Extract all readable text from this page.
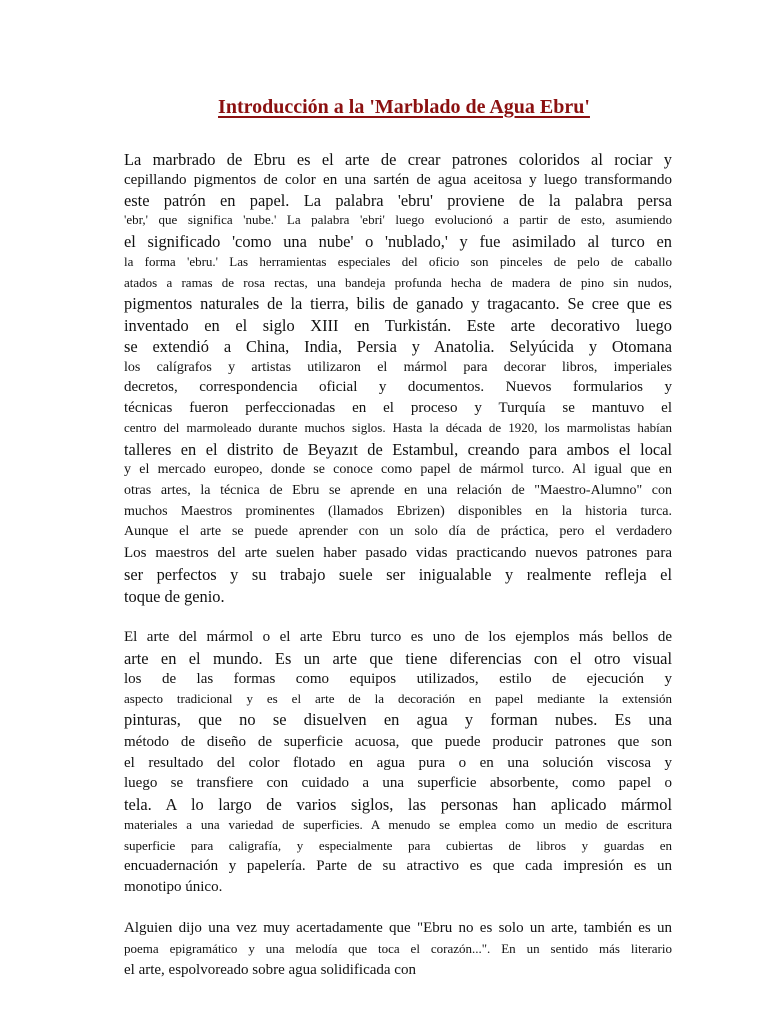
Introducción a la 'Marblado de Agua Ebru'
La marbrado de Ebru es el arte de crear patrones coloridos al rociar y
cepillando pigmentos de color en una sartén de agua aceitosa y luego transformando
este patrón en papel. La palabra 'ebru' proviene de la palabra persa
'ebr,' que significa 'nube.' La palabra 'ebri' luego evolucionó a partir de esto, asumiendo
el significado 'como una nube' o 'nublado,' y fue asimilado al turco en
la forma 'ebru.' Las herramientas especiales del oficio son pinceles de pelo de caballo
atados a ramas de rosa rectas, una bandeja profunda hecha de madera de pino sin nudos,
pigmentos naturales de la tierra, bilis de ganado y tragacanto. Se cree que es
inventado en el siglo XIII en Turkistán. Este arte decorativo luego
se extendió a China, India, Persia y Anatolia. Selyúcida y Otomana
los calígrafos y artistas utilizaron el mármol para decorar libros, imperiales
decretos, correspondencia oficial y documentos. Nuevos formularios y
técnicas fueron perfeccionadas en el proceso y Turquía se mantuvo el
centro del marmoleado durante muchos siglos. Hasta la década de 1920, los marmolistas habían
talleres en el distrito de Beyazıt de Estambul, creando para ambos el local
y el mercado europeo, donde se conoce como papel de mármol turco. Al igual que en
otras artes, la técnica de Ebru se aprende en una relación de "Maestro-Alumno" con
muchos Maestros prominentes (llamados Ebrizen) disponibles en la historia turca.
Aunque el arte se puede aprender con un solo día de práctica, pero el verdadero
Los maestros del arte suelen haber pasado vidas practicando nuevos patrones para
ser perfectos y su trabajo suele ser inigualable y realmente refleja el
toque de genio.
El arte del mármol o el arte Ebru turco es uno de los ejemplos más bellos de
arte en el mundo. Es un arte que tiene diferencias con el otro visual
los de las formas como equipos utilizados, estilo de ejecución y
aspecto tradicional y es el arte de la decoración en papel mediante la extensión
pinturas, que no se disuelven en agua y forman nubes. Es una
método de diseño de superficie acuosa, que puede producir patrones que son
el resultado del color flotado en agua pura o en una solución viscosa y
luego se transfiere con cuidado a una superficie absorbente, como papel o
tela. A lo largo de varios siglos, las personas han aplicado mármol
materiales a una variedad de superficies. A menudo se emplea como un medio de escritura
superficie para caligrafía, y especialmente para cubiertas de libros y guardas en
encuadernación y papelería. Parte de su atractivo es que cada impresión es un
monotipo único.
Alguien dijo una vez muy acertadamente que "Ebru no es solo un arte, también es un
poema epigramático y una melodía que toca el corazón...". En un sentido más literario
el arte, espolvoreado sobre agua solidificada con
